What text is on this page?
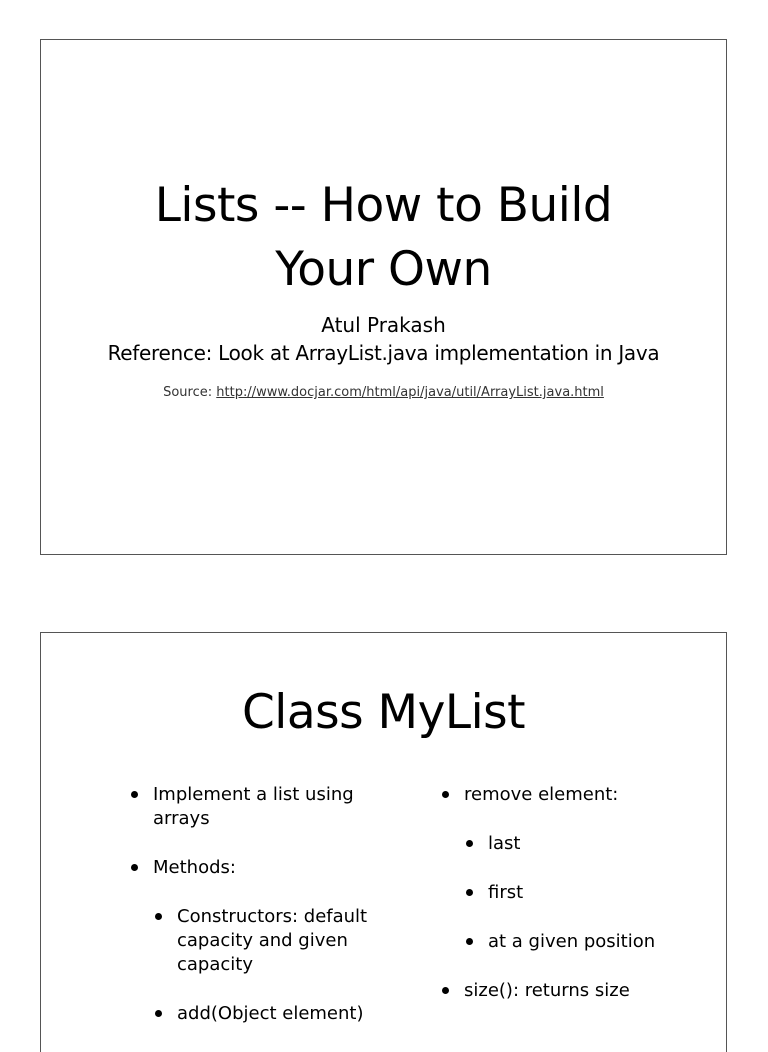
Lists -- How to Build
Your Own
Atul Prakash
Reference: Look at ArrayList.java implementation in Java
Source: http://www.docjar.com/html/api/java/util/ArrayList.java.html
Class MyList
Implement a list using arrays
Methods:
Constructors: default capacity and given capacity
add(Object element)
remove element:
last
first
at a given position
size(): returns size
